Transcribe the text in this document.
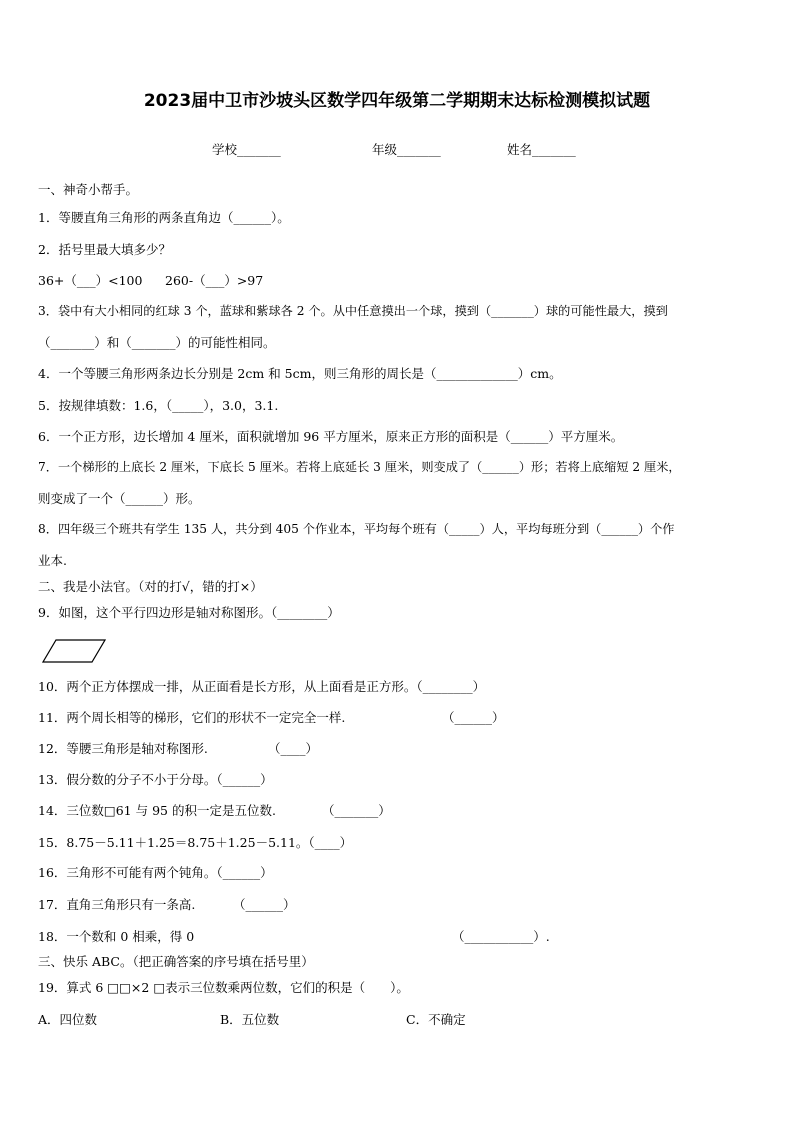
2023届中卫市沙坡头区数学四年级第二学期期末达标检测模拟试题
学校_______	年级_______	姓名_______
一、神奇小帮手。
1．等腰直角三角形的两条直角边（______）。
2．括号里最大填多少？
36+（___）<100 260-（___）>97
3．袋中有大小相同的红球 3 个，蓝球和紫球各 2 个。从中任意摸出一个球，摸到（_______）球的可能性最大，摸到
（_______）和（_______）的可能性相同。
4．一个等腰三角形两条边长分别是 2cm 和 5cm，则三角形的周长是（_____________）cm。
5．按规律填数：1.6，（_____），3.0，3.1.
6．一个正方形，边长增加 4 厘米，面积就增加 96 平方厘米，原来正方形的面积是（______）平方厘米。
7．一个梯形的上底长 2 厘米，下底长 5 厘米。若将上底延长 3 厘米，则变成了（______）形；若将上底缩短 2 厘米，
则变成了一个（______）形。
8．四年级三个班共有学生 135 人，共分到 405 个作业本，平均每个班有（_____）人，平均每班分到（______）个作
业本.
二、我是小法官。（对的打√，错的打×）
9．如图，这个平行四边形是轴对称图形。（________）
10．两个正方体摆成一排，从正面看是长方形，从上面看是正方形。（________）
11．两个周长相等的梯形，它们的形状不一定完全一样.	（______）
12．等腰三角形是轴对称图形.	（____）
13．假分数的分子不小于分母。（______）
14．三位数□61 与 95 的积一定是五位数.	（_______）
15．8.75－5.11＋1.25＝8.75＋1.25－5.11。（____）
16．三角形不可能有两个钝角。（______）
17．直角三角形只有一条高.	（______）
18．一个数和 0 相乘，得 0	（___________）.
三、快乐 ABC。（把正确答案的序号填在括号里）
19．算式 6 □□×2 □表示三位数乘两位数，它们的积是（　　）。
A．四位数	B．五位数	C．不确定
